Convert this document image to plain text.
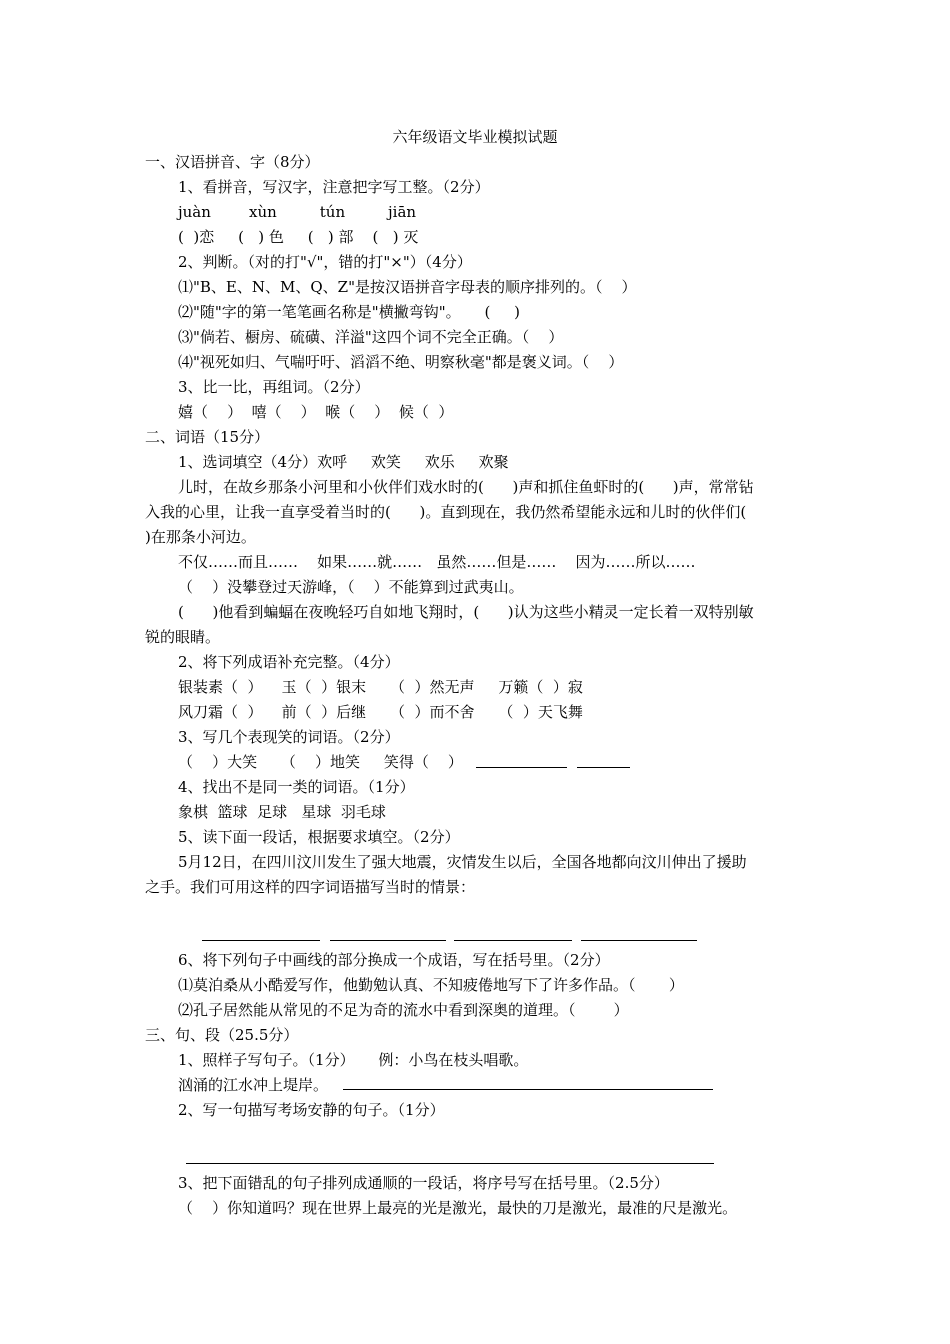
六年级语文毕业模拟试题
一、汉语拼音、字（8分）
1、看拼音，写汉字，注意把字写工整。（2分）
juàn        xùn         tún         jiān
(  )恋     (   ) 色     (   ) 部    (   ) 灭
2、判断。（对的打"√"，错的打"×"）（4分）
⑴"B、E、N、M、Q、Z"是按汉语拼音字母表的顺序排列的。（    ）
⑵"随"字的第一笔笔画名称是"横撇弯钩"。     (     )
⑶"倘若、橱房、硫磺、洋溢"这四个词不完全正确。（    ）
⑷"视死如归、气喘吁吁、滔滔不绝、明察秋毫"都是褒义词。（    ）
3、比一比，再组词。（2分）
嬉（    ）  嘻（    ）  喉（    ）  候（  ）
二、词语（15分）
1、选词填空（4分）欢呼     欢笑     欢乐     欢聚
儿时，在故乡那条小河里和小伙伴们戏水时的(      )声和抓住鱼虾时的(      )声，常常钻
入我的心里，让我一直享受着当时的(      )。直到现在，我仍然希望能永远和儿时的伙伴们(
)在那条小河边。
不仅……而且……    如果……就……   虽然……但是……    因为……所以……
（    ）没攀登过天游峰，（    ）不能算到过武夷山。
(      )他看到蝙蝠在夜晚轻巧自如地飞翔时，(      )认为这些小精灵一定长着一双特别敏
锐的眼睛。
2、将下列成语补充完整。（4分）
银装素（  ）    玉（  ）银末     （  ）然无声     万籁（  ）寂
风刀霜（  ）    前（  ）后继     （  ）而不舍     （  ）天飞舞
3、写几个表现笑的词语。（2分）
（    ）大笑     （    ）地笑     笑得（    ）
4、找出不是同一类的词语。（1分）
象棋  篮球  足球   星球  羽毛球
5、读下面一段话，根据要求填空。（2分）
5月12日，在四川汶川发生了强大地震，灾情发生以后，全国各地都向汶川伸出了援助
之手。我们可用这样的四字词语描写当时的情景：
6、将下列句子中画线的部分换成一个成语，写在括号里。（2分）
⑴莫泊桑从小酷爱写作，他勤勉认真、不知疲倦地写下了许多作品。（       ）
⑵孔子居然能从常见的不足为奇的流水中看到深奥的道理。（        ）
三、句、段（25.5分）
1、照样子写句子。（1分）     例：小鸟在枝头唱歌。
汹涌的江水冲上堤岸。
2、写一句描写考场安静的句子。（1分）
3、把下面错乱的句子排列成通顺的一段话，将序号写在括号里。（2.5分）
（    ）你知道吗？现在世界上最亮的光是激光，最快的刀是激光，最准的尺是激光。
